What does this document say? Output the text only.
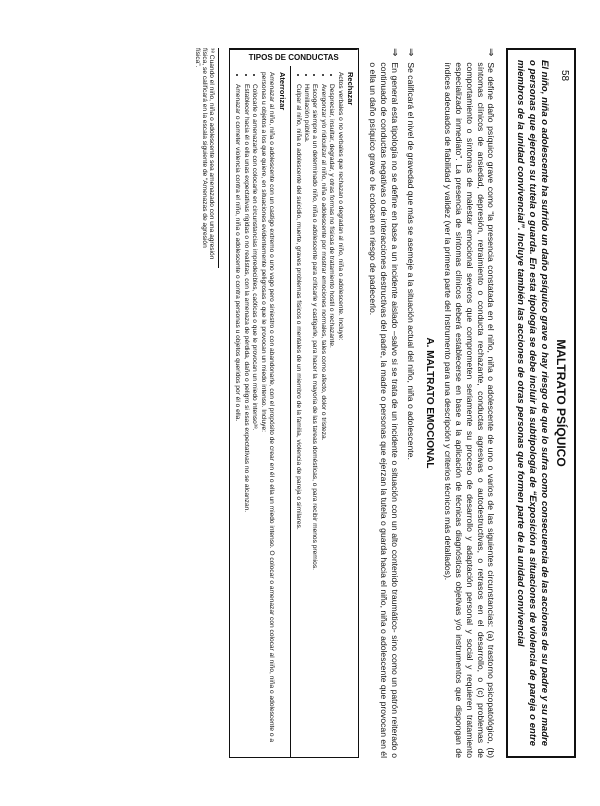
58
MALTRATO PSÍQUICO
El niño, niña o adolescente ha sufrido un daño psíquico grave o hay riesgo de que lo sufra como consecuencia de las acciones de su padre y su madre o personas que ejercen su tutela o guarda. En esta tipología se debe incluir la subtipología de “Exposición a situaciones de violencia de pareja o entre miembros de la unidad convivencial”. Incluye también las acciones de otras personas que formen parte de la unidad convivencial
⇒
Se define daño psíquico grave como “la presencia constatada en el niño, niña o adolescente de uno o varios de las siguientes circunstancias: (a) trastorno psicopatológico, (b) síntomas clínicos de ansiedad, depresión, retraimiento o conducta rechazante, conductas agresivas o autodestructivas, o retrasos en el desarrollo, o (c) problemas de comportamiento o síntomas de malestar emocional severos que comprometen seriamente su proceso de desarrollo y adaptación personal y social y requieren tratamiento especializado inmediato”. La presencia de síntomas clínicos deberá establecerse en base a la aplicación de técnicas diagnósticas objetivas y/o instrumentos que dispongan de índices adecuados de fiabilidad y validez (ver la primera parte del Instrumento para una descripción y criterios técnicos más detallados).
A. MALTRATO EMOCIONAL
⇒
Se calificará el nivel de gravedad que más se asemeje a la situación actual del niño, niña o adolescente.
⇒
En general esta tipología no se define en base a un incidente aislado –salvo si se trata de un incidente o situación con un alto contenido traumático- sino como un patrón reiterado o continuado de conductas negativas o de interacciones destructivas del padre, la madre o personas que ejerzan la tutela o guarda hacia el niño, niña o adolescente que provocan en él o ella un daño psíquico grave o le colocan en riesgo de padecerlo.
TIPOS DE CONDUCTAS
Rechazar
Actos verbales o no verbales que rechazan o degradan al niño, niña o adolescente. Incluye:
• Despreciar, insultar, degradar, y otras formas no físicas de tratamiento hostil o rechazante.
• Avergonzar y/o ridiculizar al niño, niña o adolescente por mostrar emociones normales, tales como afecto, dolor o tristeza.
• Escoger siempre a un determinado niño, niña o adolescente para criticarle y castigarle, para hacer la mayoría de las tareas domésticas, o para recibir menos premios.
• Humillación pública.
• Culpar al niño, niña o adolescente del suicidio, muerte, graves problemas físicos o mentales de un miembro de la familia, violencia de pareja o similares.
Aterrorizar
Amenazar al niño, niña o adolescente con un castigo extremo o uno vago pero siniestro o con abandonarle, con el propósito de crear en él o ella un miedo intenso. O colocar o amenazar con colocar al niño, niña o adolescente o a personas u objetos a los que quiere, en situaciones evidentemente peligrosas o que le provocan un miedo intenso. Incluye:
• Colocarle o amenazarle con colocarle en circunstancias impredecibles, caóticas o que le provocan un miedo intenso³⁸.
• Establecer hacia él o ella unas expectativas rígidas o no realistas, con la amenaza de pérdida, daño o peligro si esas expectativas no se alcanzan.
• Amenazar o cometer violencia contra el niño, niña o adolescente o contra personas u objetos queridos por él o ella.
³⁸ Cuando el niño, niña o adolescente sea amenazado con una agresión física, se calificará en la escala siguiente de “Amenazas de agresión física”.
